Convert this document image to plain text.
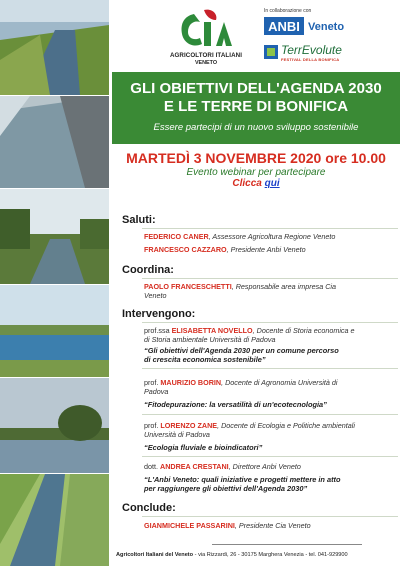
AGRICOLTORI ITALIANI
VENETO
In collaborazione con
ANBI Veneto
TerrEvolute
FESTIVAL DELLA BONIFICA
GLI OBIETTIVI DELL'AGENDA 2030
E LE TERRE DI BONIFICA
Essere partecipi di un nuovo sviluppo sostenibile
MARTEDÌ 3 NOVEMBRE 2020 ore 10.00
Evento webinar per partecipare
Clicca qui
Saluti:
FEDERICO CANER, Assessore Agricoltura Regione Veneto
FRANCESCO CAZZARO, Presidente Anbi Veneto
Coordina:
PAOLO FRANCESCHETTI, Responsabile area impresa Cia
Veneto
Intervengono:
prof.ssa ELISABETTA NOVELLO, Docente di Storia economica e
di Storia ambientale Università di Padova
“Gli obiettivi dell'Agenda 2030 per un comune percorso
di crescita economica sostenibile”
prof. MAURIZIO BORIN, Docente di Agronomia Università di
Padova
“Fitodepurazione: la versatilità di un'ecotecnologia”
prof. LORENZO ZANE, Docente di Ecologia e Politiche ambientali
Università di Padova
“Ecologia fluviale e bioindicatori”
dott. ANDREA CRESTANI, Direttore Anbi Veneto
“L'Anbi Veneto: quali iniziative e progetti mettere in atto
per raggiungere gli obiettivi dell'Agenda 2030”
Conclude:
GIANMICHELE PASSARINI, Presidente Cia Veneto
Agricoltori Italiani del Veneto - via Rizzardi, 26 - 30175 Marghera Venezia - tel. 041-929900
